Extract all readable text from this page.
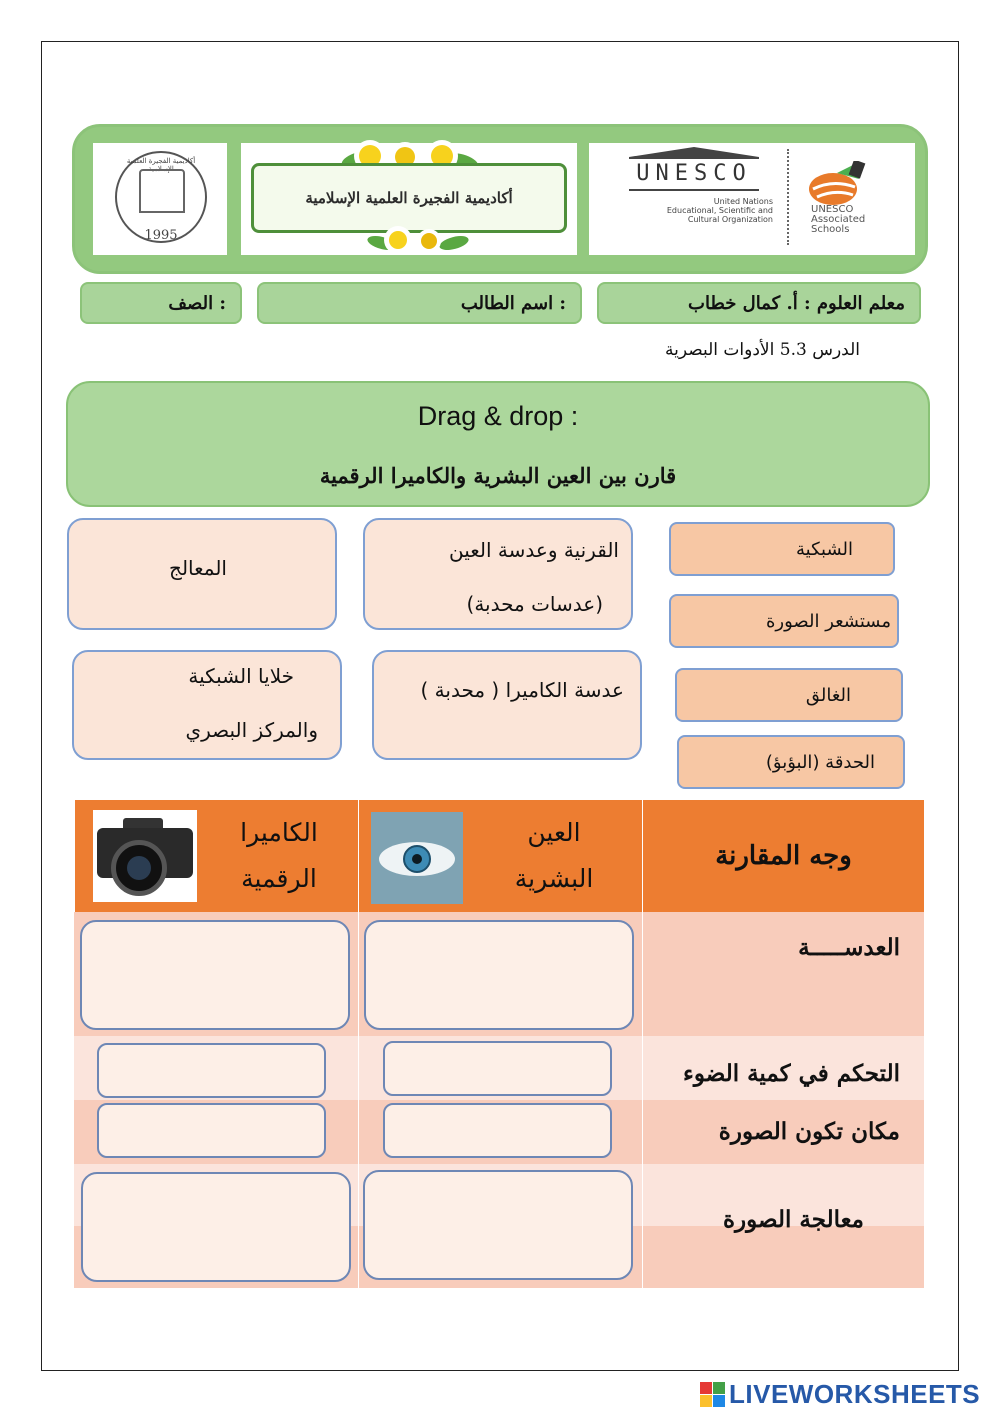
أكاديمية الفجيرة العلمية الإسلامية
1995
أكاديمية الفجيرة العلمية الإسلامية
UNESCO
United Nations
Educational, Scientific and
Cultural Organization
UNESCO
Associated
Schools
معلم العلوم : أ. كمال خطاب
اسم الطالب :
الصف :
الدرس 5.3 الأدوات البصرية
Drag & drop :
قارن بين العين البشرية والكاميرا الرقمية
المعالج
القرنية وعدسة العين
(عدسات محدبة)
خلايا الشبكية
والمركز البصري
عدسة الكاميرا ( محدبة )
الشبكية
مستشعر الصورة
الغالق
الحدقة (البؤبؤ)
الكاميرا
الرقمية
العين
البشرية
وجه المقارنة
العدســـــة
التحكم في كمية الضوء
مكان تكون الصورة
معالجة الصورة
LIVEWORKSHEETS
